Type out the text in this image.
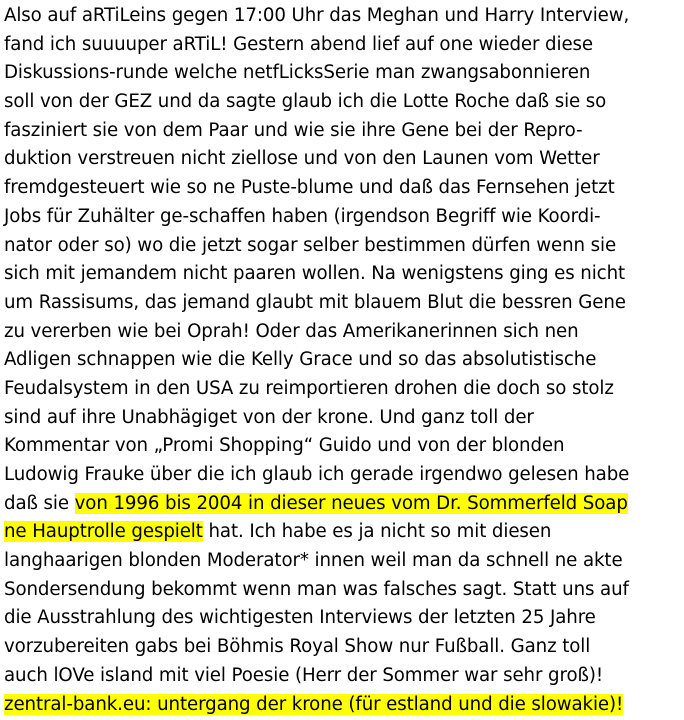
Also auf aRTiLeins gegen 17:00 Uhr das Meghan und Harry Interview,
fand ich suuuuper aRTiL! Gestern abend lief auf one wieder diese
Diskussions-runde welche netfLicksSerie man zwangsabonnieren
soll von der GEZ und da sagte glaub ich die Lotte Roche daß sie so
fasziniert sie von dem Paar und wie sie ihre Gene bei der Repro-
duktion verstreuen nicht ziellose und von den Launen vom Wetter
fremdgesteuert wie so ne Puste-blume und daß das Fernsehen jetzt
Jobs für Zuhälter ge-schaffen haben (irgendson Begriff wie Koordi-
nator oder so) wo die jetzt sogar selber bestimmen dürfen wenn sie
sich mit jemandem nicht paaren wollen. Na wenigstens ging es nicht
um Rassisums, das jemand glaubt mit blauem Blut die bessren Gene
zu vererben wie bei Oprah! Oder das Amerikanerinnen sich nen
Adligen schnappen wie die Kelly Grace und so das absolutistische
Feudalsystem in den USA zu reimportieren drohen die doch so stolz
sind auf ihre Unabhägiget von der krone. Und ganz toll der
Kommentar von „Promi Shopping“ Guido und von der blonden
Ludowig Frauke über die ich glaub ich gerade irgendwo gelesen habe
daß sie von 1996 bis 2004 in dieser neues vom Dr. Sommerfeld Soap
ne Hauptrolle gespielt hat. Ich habe es ja nicht so mit diesen
langhaarigen blonden Moderator* innen weil man da schnell ne akte
Sondersendung bekommt wenn man was falsches sagt. Statt uns auf
die Ausstrahlung des wichtigesten Interviews der letzten 25 Jahre
vorzubereiten gabs bei Böhmis Royal Show nur Fußball. Ganz toll
auch lOVe island mit viel Poesie (Herr der Sommer war sehr groß)!
zentral-bank.eu: untergang der krone (für estland und die slowakie)!
